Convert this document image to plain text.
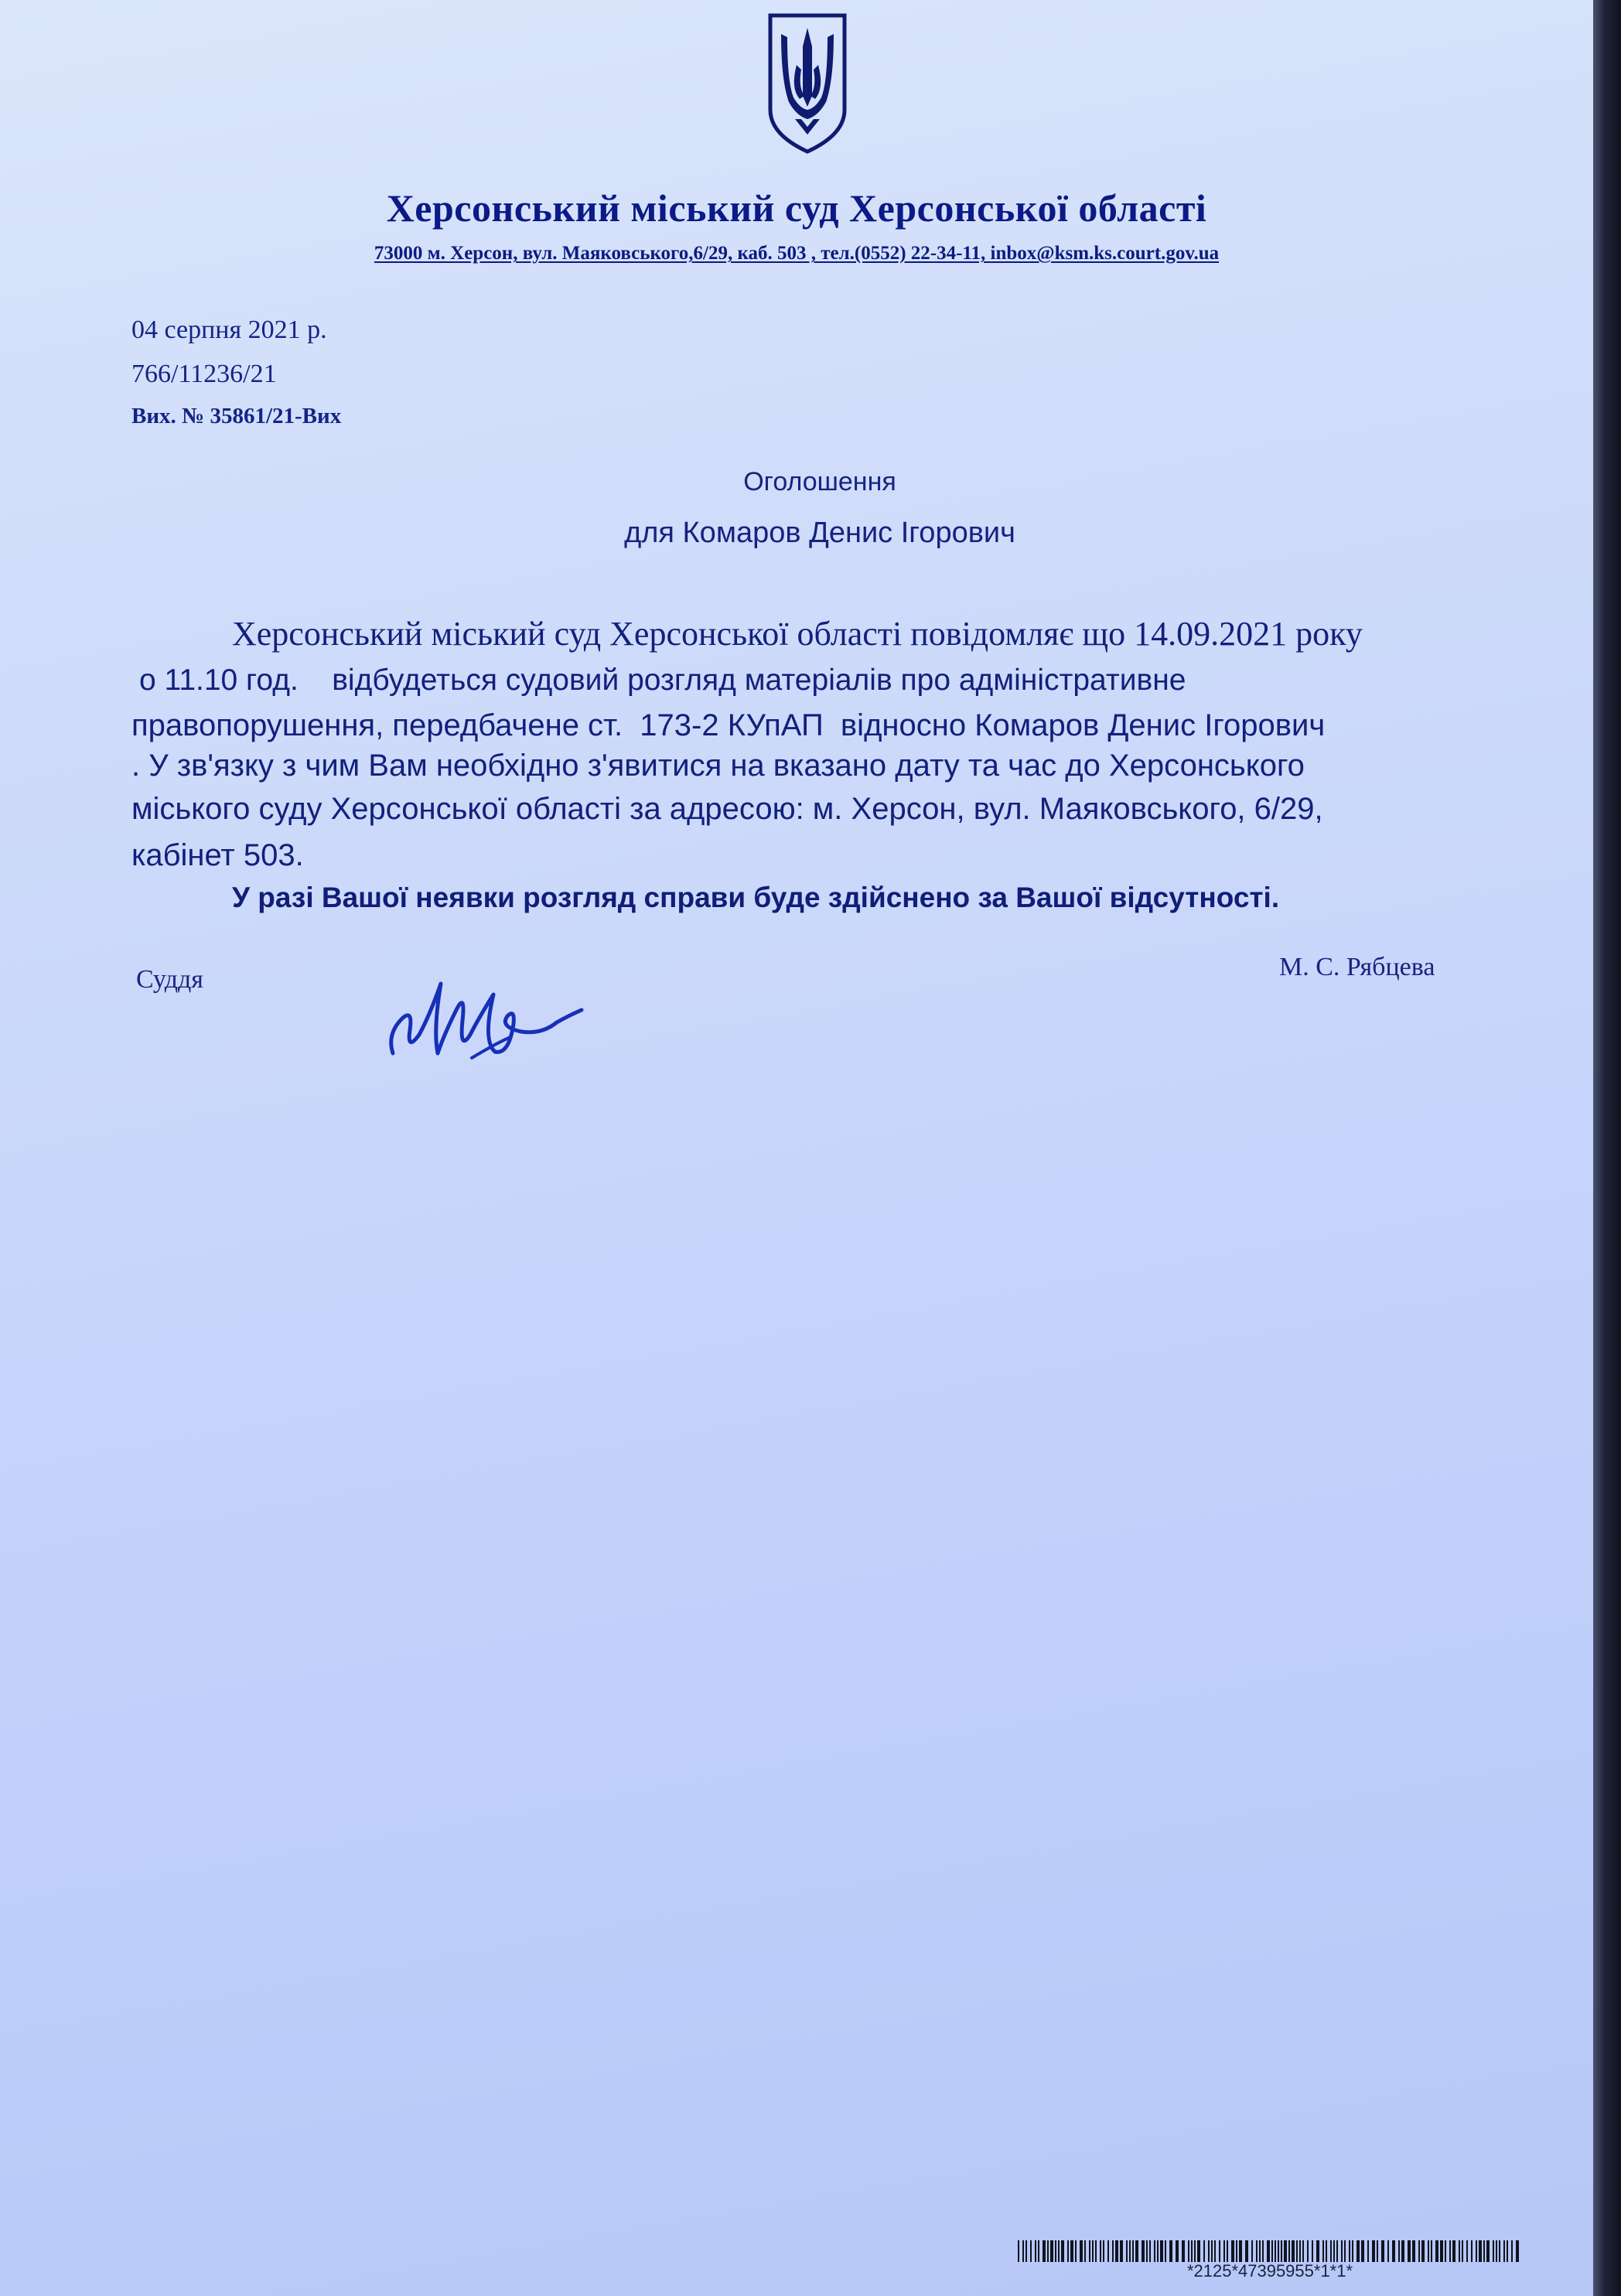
Херсонський міський суд Херсонської області
73000 м. Херсон, вул. Маяковського,6/29, каб. 503 , тел.(0552) 22-34-11, inbox@ksm.ks.court.gov.ua
04 серпня 2021 р.
766/11236/21
Вих. № 35861/21-Вих
Оголошення
для Комаров Денис Ігорович
Херсонський міський суд Херсонської області повідомляє що 14.09.2021 року
о 11.10 год.    відбудеться судовий розгляд матеріалів про адміністративне
правопорушення, передбачене ст.  173-2 КУпАП  відносно Комаров Денис Ігорович
. У зв'язку з чим Вам необхідно з'явитися на вказано дату та час до Херсонського
міського суду Херсонської області за адресою: м. Херсон, вул. Маяковського, 6/29,
кабінет 503.
У разі Вашої неявки розгляд справи буде здійснено за Вашої відсутності.
Суддя	М. С. Рябцева
*2125*47395955*1*1*
